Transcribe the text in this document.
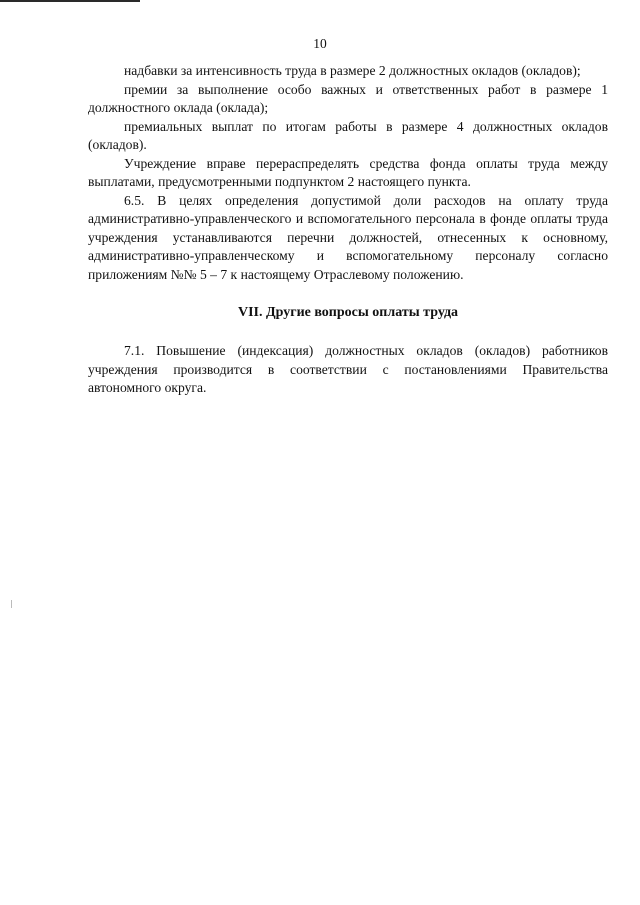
10

надбавки за интенсивность труда в размере 2 должностных окладов (окладов);

премии за выполнение особо важных и ответственных работ в размере 1 должностного оклада (оклада);

премиальных выплат по итогам работы в размере 4 должностных окладов (окладов).

Учреждение вправе перераспределять средства фонда оплаты труда между выплатами, предусмотренными подпунктом 2 настоящего пункта.

6.5. В целях определения допустимой доли расходов на оплату труда административно-управленческого и вспомогательного персонала в фонде оплаты труда учреждения устанавливаются перечни должностей, отнесенных к основному, административно-управленческому и вспомогательному персоналу согласно приложениям №№ 5 – 7 к настоящему Отраслевому положению.

VII. Другие вопросы оплаты труда

7.1. Повышение (индексация) должностных окладов (окладов) работников учреждения производится в соответствии с постановлениями Правительства автономного округа.
